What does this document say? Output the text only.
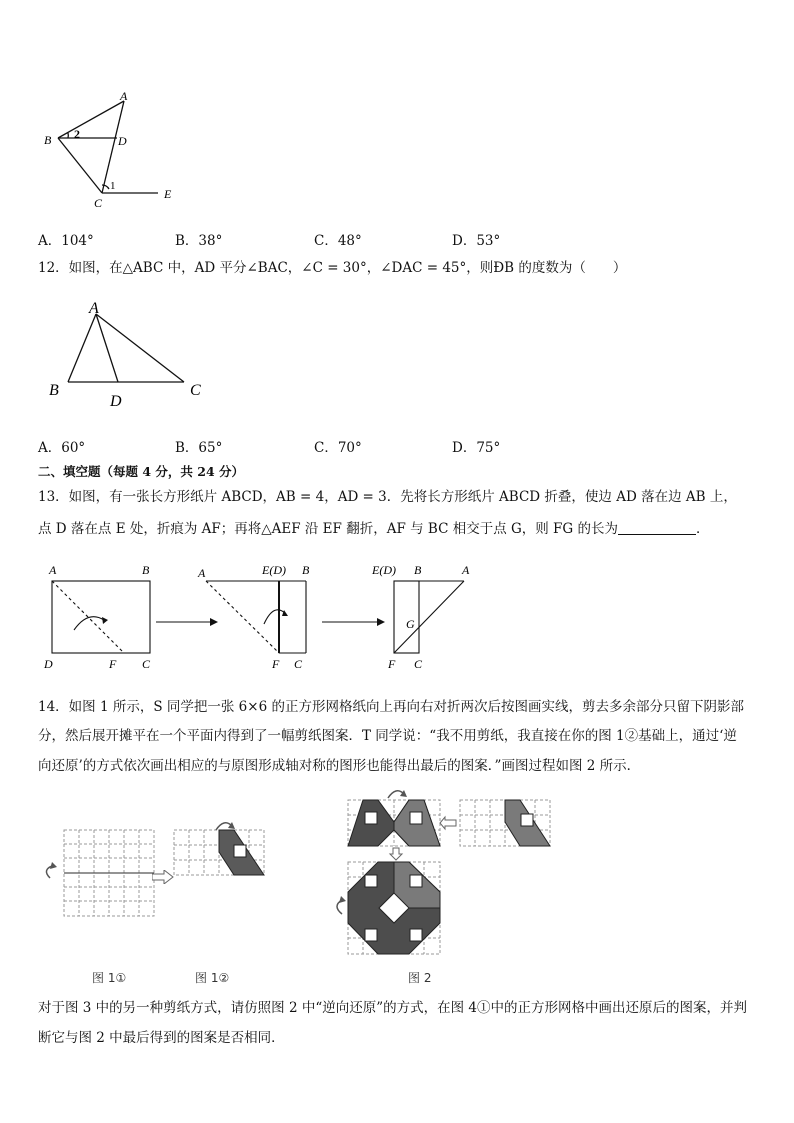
A
B	D
C
E
1
2
A．104°	B．38°	C．48°	D．53°
12．如图，在△ABC 中，AD 平分∠BAC，∠C = 30°，∠DAC = 45°，则ÐB 的度数为（　　）
A
B	C
D
A．60°	B．65°	C．70°	D．75°
二、填空题（每题 4 分，共 24 分）
13．如图，有一张长方形纸片 ABCD，AB = 4，AD = 3．先将长方形纸片 ABCD 折叠，使边 AD 落在边 AB 上，
点 D 落在点 E 处，折痕为 AF；再将△AEF 沿 EF 翻折，AF 与 BC 相交于点 G，则 FG 的长为	．
A	B
D	F C
A	E(D) B
F C
E(D) B	A
G
F C
14．如图 1 所示，S 同学把一张 6×6 的正方形网格纸向上再向右对折两次后按图画实线，剪去多余部分只留下阴影部
分，然后展开摊平在一个平面内得到了一幅剪纸图案．T 同学说：“我不用剪纸，我直接在你的图 1②基础上，通过‘逆
向还原’的方式依次画出相应的与原图形成轴对称的图形也能得出最后的图案．”画图过程如图 2 所示．
图 1①	图 1②	图 2
对于图 3 中的另一种剪纸方式，请仿照图 2 中“逆向还原”的方式，在图 4①中的正方形网格中画出还原后的图案，并判
断它与图 2 中最后得到的图案是否相同．
